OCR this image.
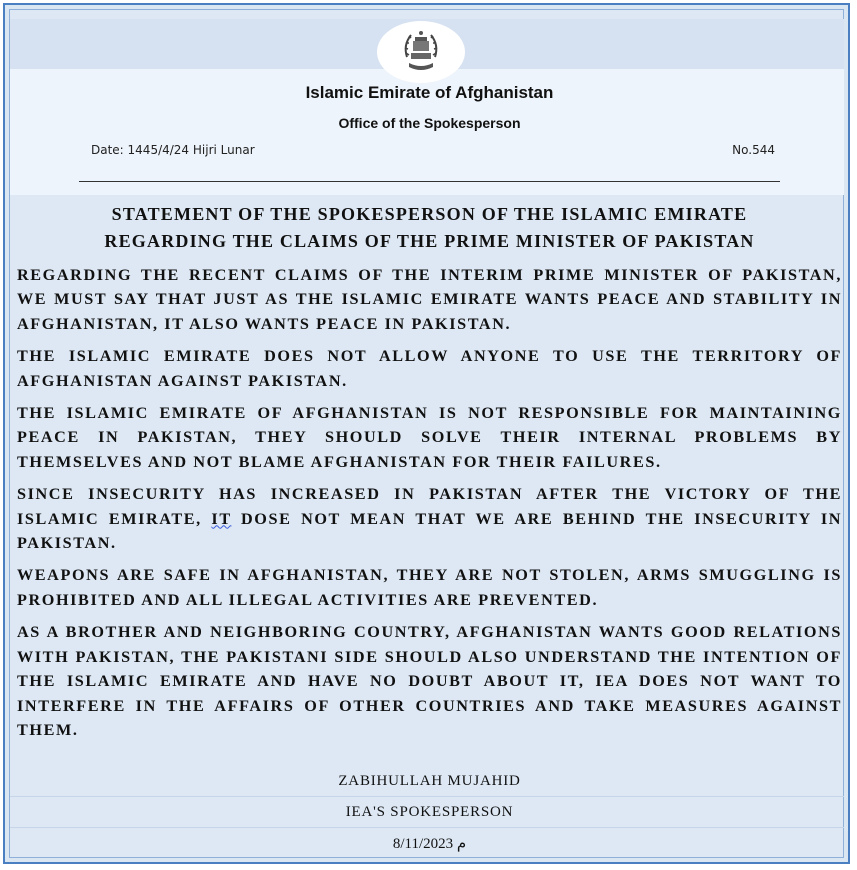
Islamic Emirate of Afghanistan
Office of the Spokesperson
Date: 1445/4/24 Hijri Lunar	No.544
STATEMENT OF THE SPOKESPERSON OF THE ISLAMIC EMIRATE
REGARDING THE CLAIMS OF THE PRIME MINISTER OF PAKISTAN

REGARDING THE RECENT CLAIMS OF THE INTERIM PRIME MINISTER OF PAKISTAN, WE MUST SAY THAT JUST AS THE ISLAMIC EMIRATE WANTS PEACE AND STABILITY IN AFGHANISTAN, IT ALSO WANTS PEACE IN PAKISTAN.

THE ISLAMIC EMIRATE DOES NOT ALLOW ANYONE TO USE THE TERRITORY OF AFGHANISTAN AGAINST PAKISTAN.

THE ISLAMIC EMIRATE OF AFGHANISTAN IS NOT RESPONSIBLE FOR MAINTAINING PEACE IN PAKISTAN, THEY SHOULD SOLVE THEIR INTERNAL PROBLEMS BY THEMSELVES AND NOT BLAME AFGHANISTAN FOR THEIR FAILURES.

SINCE INSECURITY HAS INCREASED IN PAKISTAN AFTER THE VICTORY OF THE ISLAMIC EMIRATE, IT DOSE NOT MEAN THAT WE ARE BEHIND THE INSECURITY IN PAKISTAN.

WEAPONS ARE SAFE IN AFGHANISTAN, THEY ARE NOT STOLEN, ARMS SMUGGLING IS PROHIBITED AND ALL ILLEGAL ACTIVITIES ARE PREVENTED.

AS A BROTHER AND NEIGHBORING COUNTRY, AFGHANISTAN WANTS GOOD RELATIONS WITH PAKISTAN, THE PAKISTANI SIDE SHOULD ALSO UNDERSTAND THE INTENTION OF THE ISLAMIC EMIRATE AND HAVE NO DOUBT ABOUT IT, IEA DOES NOT WANT TO INTERFERE IN THE AFFAIRS OF OTHER COUNTRIES AND TAKE MEASURES AGAINST THEM.

ZABIHULLAH MUJAHID
IEA'S SPOKESPERSON
8/11/2023 م
